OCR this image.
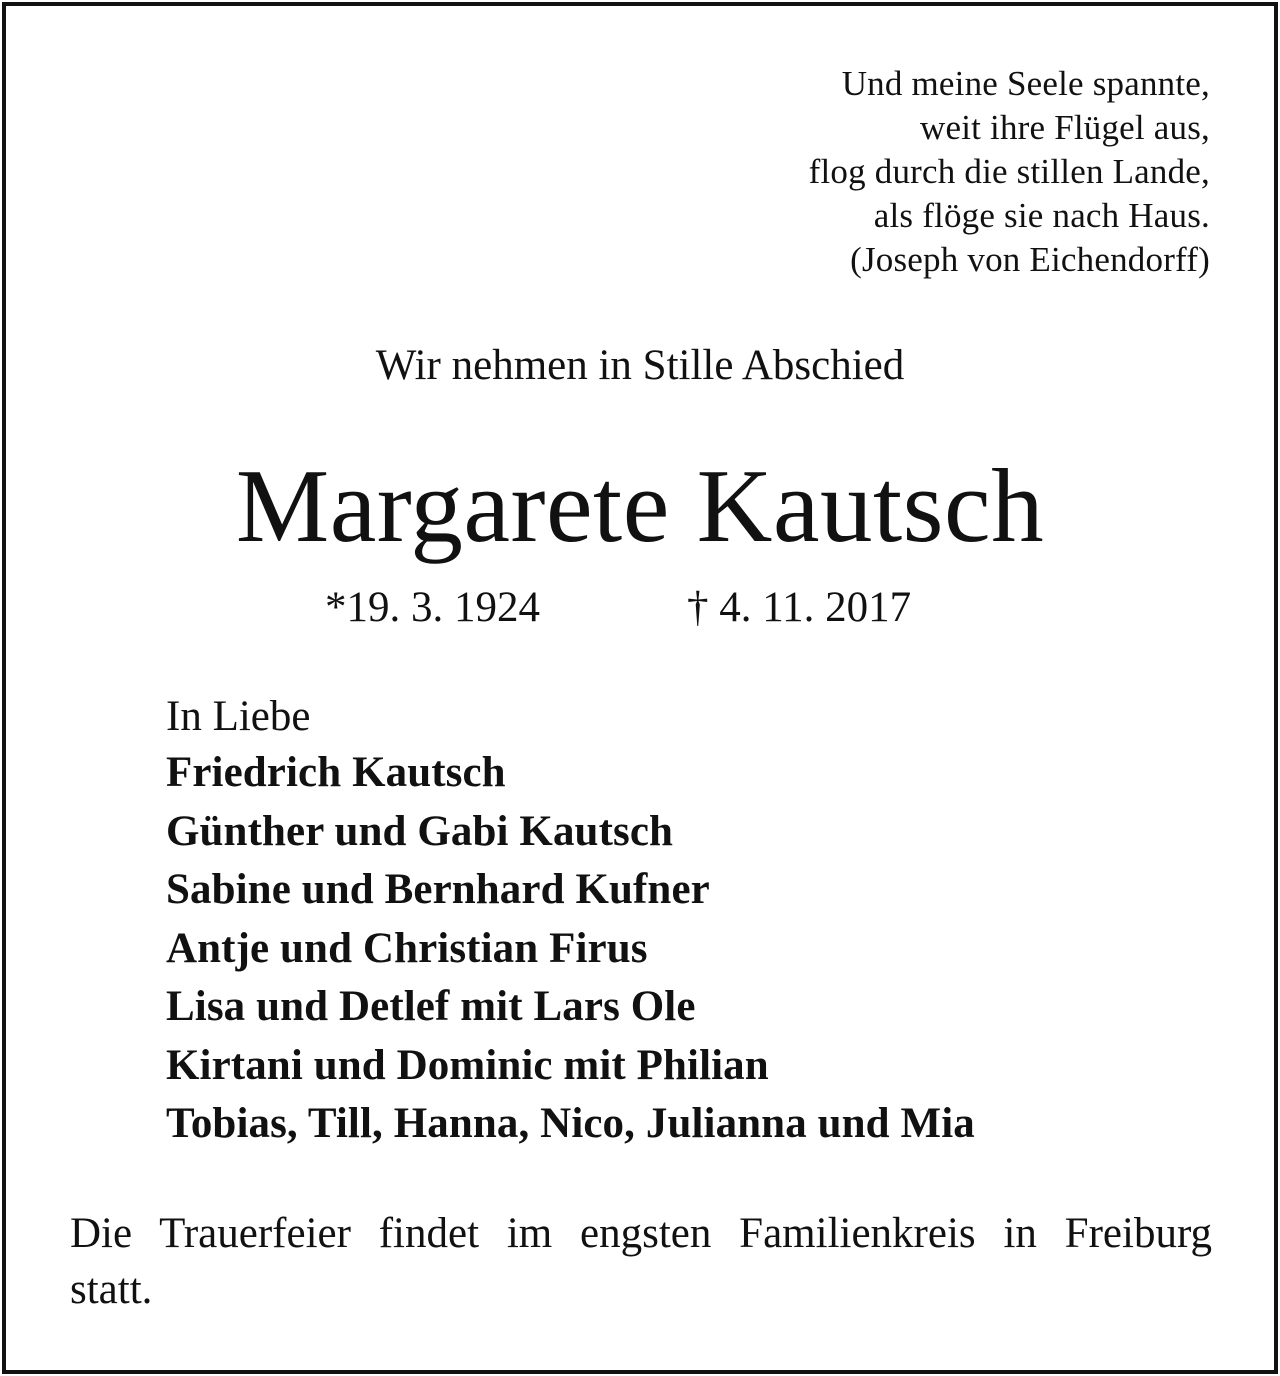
Und meine Seele spannte,
weit ihre Flügel aus,
flog durch die stillen Lande,
als flöge sie nach Haus.
(Joseph von Eichendorff)
Wir nehmen in Stille Abschied
Margarete Kautsch
*19. 3. 1924	† 4. 11. 2017
In Liebe
Friedrich Kautsch
Günther und Gabi Kautsch
Sabine und Bernhard Kufner
Antje und Christian Firus
Lisa und Detlef mit Lars Ole
Kirtani und Dominic mit Philian
Tobias, Till, Hanna, Nico, Julianna und Mia
Die Trauerfeier findet im engsten Familienkreis in Freiburg statt.
